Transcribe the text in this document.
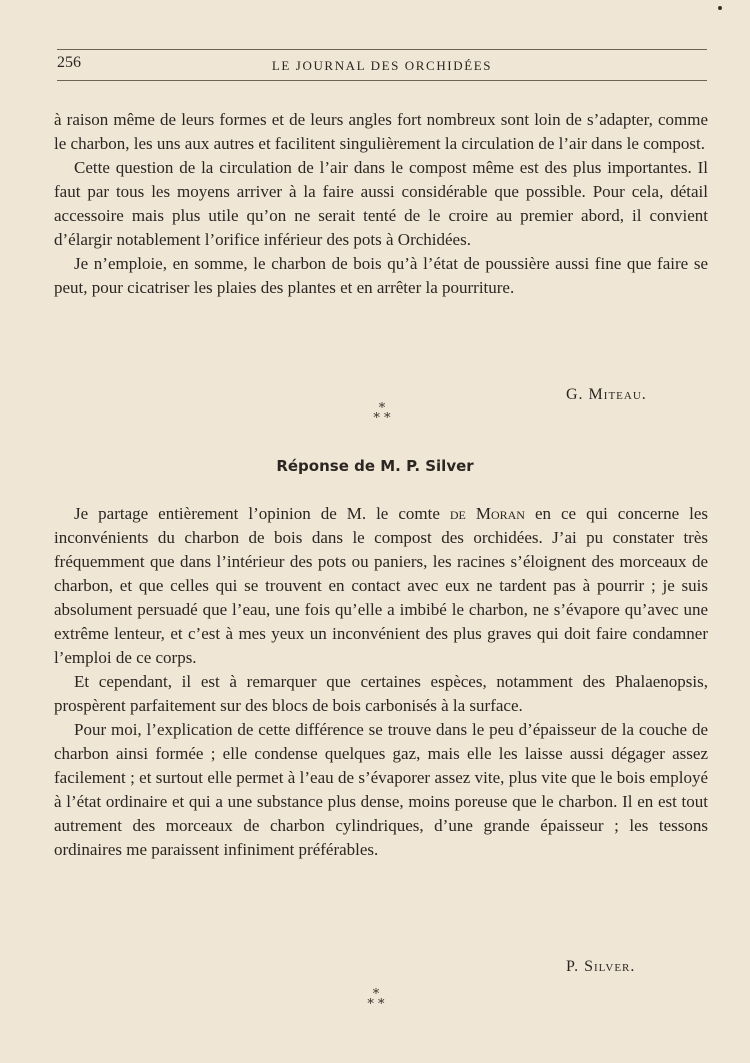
256	LE JOURNAL DES ORCHIDÉES

à raison même de leurs formes et de leurs angles fort nombreux sont loin de s’adapter, comme le charbon, les uns aux autres et facilitent singulièrement la circulation de l’air dans le compost.

Cette question de la circulation de l’air dans le compost même est des plus importantes. Il faut par tous les moyens arriver à la faire aussi considérable que possible. Pour cela, détail accessoire mais plus utile qu’on ne serait tenté de le croire au premier abord, il convient d’élargir notablement l’orifice inférieur des pots à Orchidées.

Je n’emploie, en somme, le charbon de bois qu’à l’état de poussière aussi fine que faire se peut, pour cicatriser les plaies des plantes et en arrêter la pourriture.

G. Miteau.
*
* *
Réponse de M. P. Silver

Je partage entièrement l’opinion de M. le comte de Moran en ce qui concerne les inconvénients du charbon de bois dans le compost des orchidées. J’ai pu constater très fréquemment que dans l’intérieur des pots ou paniers, les racines s’éloignent des morceaux de charbon, et que celles qui se trouvent en contact avec eux ne tardent pas à pourrir ; je suis absolument persuadé que l’eau, une fois qu’elle a imbibé le charbon, ne s’évapore qu’avec une extrême lenteur, et c’est à mes yeux un inconvénient des plus graves qui doit faire condamner l’emploi de ce corps.

Et cependant, il est à remarquer que certaines espèces, notamment des Phalaenopsis, prospèrent parfaitement sur des blocs de bois carbonisés à la surface.

Pour moi, l’explication de cette différence se trouve dans le peu d’épaisseur de la couche de charbon ainsi formée ; elle condense quelques gaz, mais elle les laisse aussi dégager assez facilement ; et surtout elle permet à l’eau de s’évaporer assez vite, plus vite que le bois employé à l’état ordinaire et qui a une substance plus dense, moins poreuse que le charbon. Il en est tout autrement des morceaux de charbon cylindriques, d’une grande épaisseur ; les tessons ordinaires me paraissent infiniment préférables.

P. Silver.
*
* *
